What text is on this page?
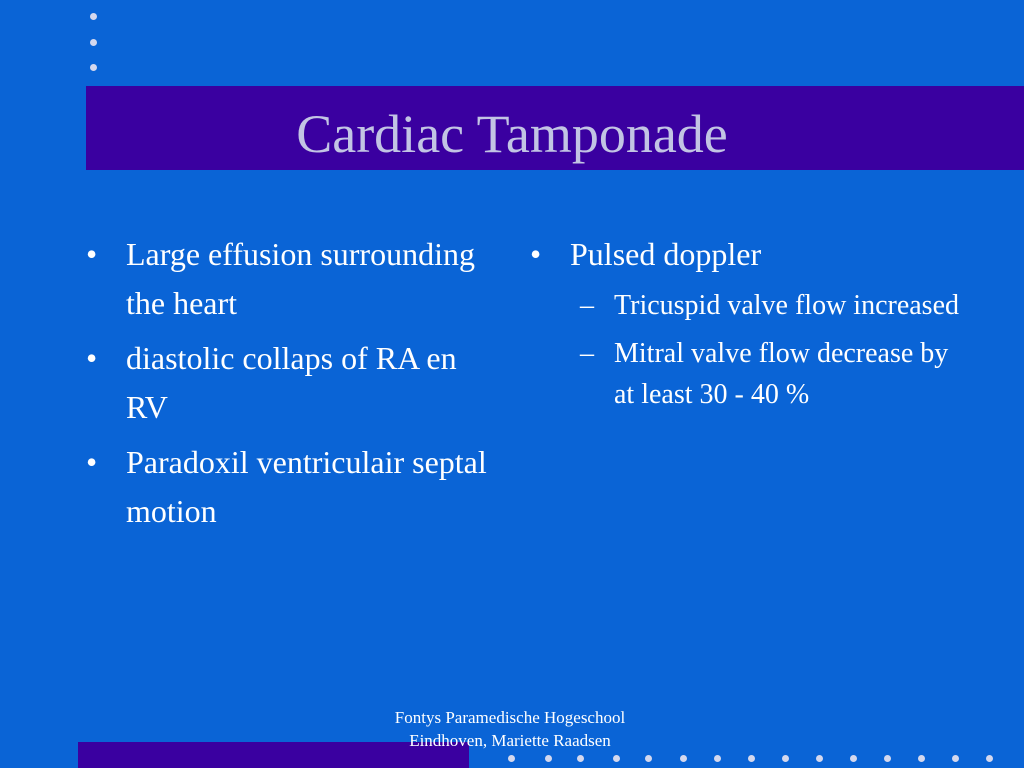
Cardiac Tamponade
• Large effusion surrounding the heart
• diastolic collaps of RA en RV
• Paradoxil ventriculair septal motion
• Pulsed doppler
– Tricuspid valve flow increased
– Mitral valve flow decrease by at least 30 - 40 %
Fontys Paramedische Hogeschool
Eindhoven, Mariette Raadsen
